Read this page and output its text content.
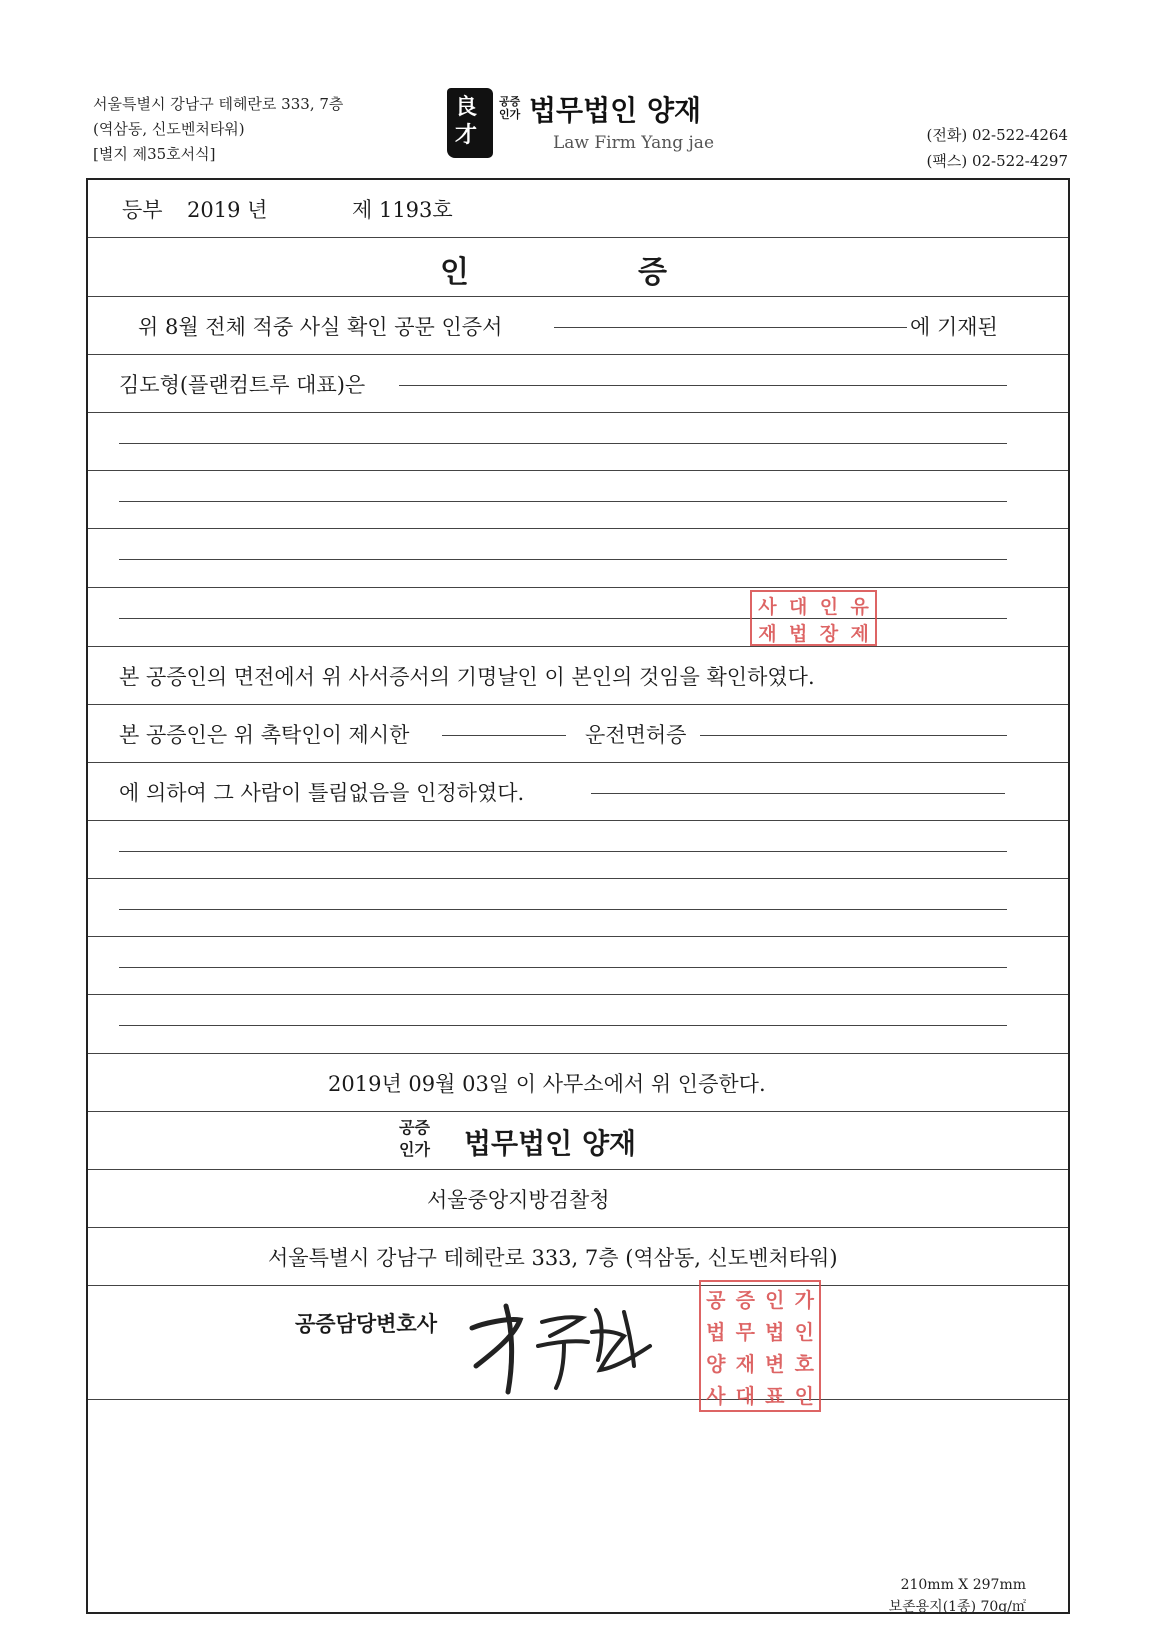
서울특별시 강남구 테헤란로 333, 7층
(역삼동, 신도벤처타워)
[별지 제35호서식]
良
才
공증
인가 법무법인 양재
Law Firm Yang jae	(전화) 02-522-4264
(팩스) 02-522-4297
등부 2019 년	제 1193호
인	증
위 8월 전체 적중 사실 확인 공문 인증서	에 기재된
김도형(플랜컴트루 대표)은
사 대 인 유
재 법 장 제
본 공증인의 면전에서 위 사서증서의 기명날인 이 본인의 것임을 확인하였다.
본 공증인은 위 촉탁인이 제시한	운전면허증
에 의하여 그 사람이 틀림없음을 인정하였다.
2019년 09월 03일 이 사무소에서 위 인증한다.
공증
인가 법무법인 양재
서울중앙지방검찰청
서울특별시 강남구 테헤란로 333, 7층 (역삼동, 신도벤처타워)
공증담당변호사
공 증 인 가
법 무 법 인
양 재 변 호
사 대 표 인
210mm X 297mm
보존용지(1종) 70g/㎡
